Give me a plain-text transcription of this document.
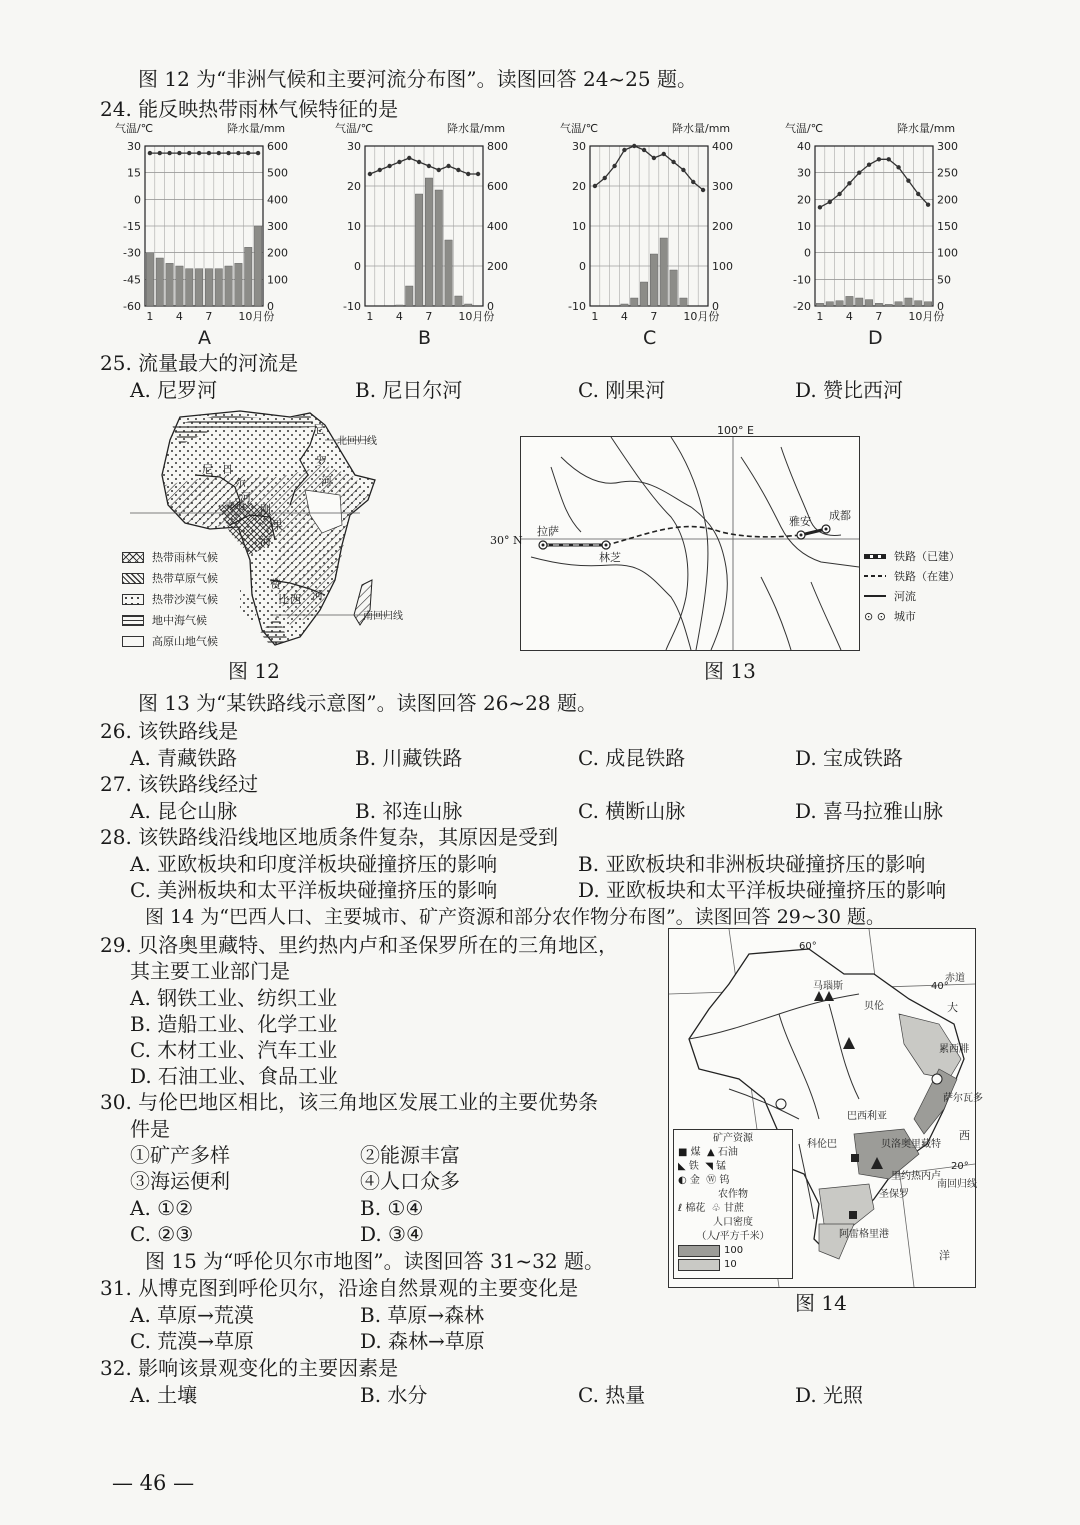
图 12 为“非洲气候和主要河流分布图”。读图回答 24~25 题。
24. 能反映热带雨林气候特征的是
气温/℃	降水量/mm
30	600
15	500
0	400
-15	300
-30	200
-45	100
-60	0
1 4 7 10月份
A
气温/℃	降水量/mm
30	800
20	600
10	400
0	200
-10	0
1 4 7 10月份
B
气温/℃	降水量/mm
30	400
20	300
10	200
0	100
-10	0
1 4 7 10月份
C
气温/℃	降水量/mm
40	300
30	250
20	200
10	150
0	100
-10	50
-20	0
1 4 7 10月份
D
25. 流量最大的河流是
A. 尼罗河	B. 尼日尔河	C. 刚果河	D. 赞比西河
尼
罗
河
尼 日
尔
河
刚
果
河
赞
比 西 河
北回归线
赤道
南回归线
热带雨林气候
热带草原气候
热带沙漠气候
地中海气候
高原山地气候
图 12
100° E
拉萨
林芝
雅安 成都
30° N
铁路（已建）
铁路（在建）
河流
⊙ ⊙ 城市
图 13
图 13 为“某铁路线示意图”。读图回答 26~28 题。
26. 该铁路线是
A. 青藏铁路	B. 川藏铁路	C. 成昆铁路	D. 宝成铁路
27. 该铁路线经过
A. 昆仑山脉	B. 祁连山脉	C. 横断山脉	D. 喜马拉雅山脉
28. 该铁路线沿线地区地质条件复杂，其原因是受到
A. 亚欧板块和印度洋板块碰撞挤压的影响	B. 亚欧板块和非洲板块碰撞挤压的影响
C. 美洲板块和太平洋板块碰撞挤压的影响	D. 亚欧板块和太平洋板块碰撞挤压的影响
图 14 为“巴西人口、主要城市、矿产资源和部分农作物分布图”。读图回答 29~30 题。
29. 贝洛奥里藏特、里约热内卢和圣保罗所在的三角地区，
其主要工业部门是
A. 钢铁工业、纺织工业
B. 造船工业、化学工业
C. 木材工业、汽车工业
D. 石油工业、食品工业
30. 与伦巴地区相比，该三角地区发展工业的主要优势条
件是
①矿产多样	②能源丰富
③海运便利	④人口众多
A. ①②	B. ①④
C. ②③	D. ③④
图 15 为“呼伦贝尔市地图”。读图回答 31~32 题。
31. 从博克图到呼伦贝尔，沿途自然景观的主要变化是
A. 草原→荒漠	B. 草原→森林
C. 荒漠→草原	D. 森林→草原
32. 影响该景观变化的主要因素是
A. 土壤	B. 水分	C. 热量	D. 光照
马瑙斯
贝伦
累西腓
萨尔瓦多
巴西利亚
科伦巴	贝洛奥里藏特
里约热内卢
圣保罗
南回归线
阿雷格里港
60°
40°
赤道
大
西
洋
20°
矿产资源
■ 煤 ▲ 石油
◣ 铁 ◥ 锰
◐ 金 Ⓦ 钨
农作物
ℓ 棉花 ♧ 甘蔗
人口密度
（人/平方千米）
100
10
图 14
— 46 —
